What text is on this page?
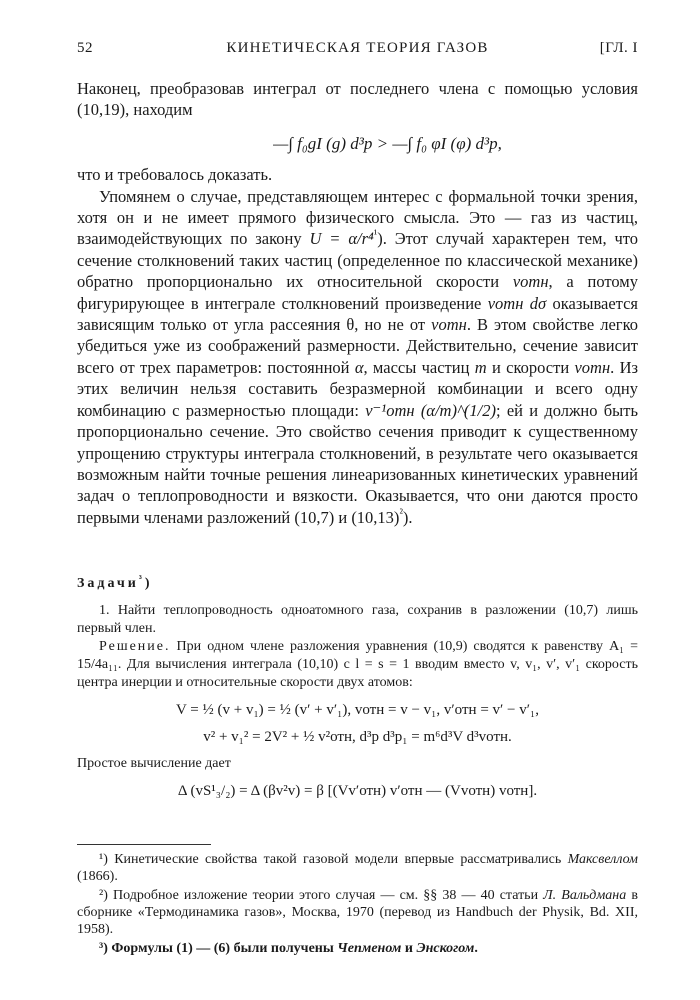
52	КИНЕТИЧЕСКАЯ ТЕОРИЯ ГАЗОВ	[ГЛ. I

Наконец, преобразовав интеграл от последнего члена с помощью условия (10,19), находим

—∫ f₀gI (g) d³p > —∫ f₀ φI (φ) d³p,

что и требовалось доказать.

Упомянем о случае, представляющем интерес с формальной точки зрения, хотя он и не имеет прямого физического смысла. Это — газ из частиц, взаимодействующих по закону U = α/r⁴$^{^1}$). Этот случай характерен тем, что сечение столкновений таких частиц (определенное по классической механике) обратно пропорционально их относительной скорости vотн, а потому фигурирующее в интеграле столкновений произведение vотн dσ оказывается зависящим только от угла рассеяния θ, но не от vотн. В этом свойстве легко убедиться уже из соображений размерности. Действительно, сечение зависит всего от трех параметров: постоянной α, массы частиц m и скорости vотн. Из этих величин нельзя составить безразмерной комбинации и всего одну комбинацию с размерностью площади: v⁻¹отн (α/m)^(1/2); ей и должно быть пропорционально сечение. Это свойство сечения приводит к существенному упрощению структуры интеграла столкновений, в результате чего оказывается возможным найти точные решения линеаризованных кинетических уравнений задач о теплопроводности и вязкости. Оказывается, что они даются просто первыми членами разложений (10,7) и $(10,13)^{^2}$).

Задачи$^{^3}$)

1. Найти теплопроводность одноатомного газа, сохранив в разложении (10,7) лишь первый член.

Решение. При одном члене разложения уравнения (10,9) сводятся к равенству A₁ = 15/4a₁₁. Для вычисления интеграла (10,10) с l = s = 1 вводим вместо v, v₁, v′, v′₁ скорость центра инерции и относительные скорости двух атомов:

V = ½ (v + v₁) = ½ (v′ + v′₁), vотн = v − v₁, v′отн = v′ − v′₁,
v² + v₁² = 2V² + ½ v²отн, d³p d³p₁ = m⁶d³V d³vотн.

Простое вычисление дает

Δ (vS¹₃/₂) = Δ (βv²v) = β [(Vv′отн) v′отн — (Vvотн) vотн].

¹) Кинетические свойства такой газовой модели впервые рассматривались Максвеллом (1866).

²) Подробное изложение теории этого случая — см. §§ 38 — 40 статьи Л. Вальдмана в сборнике «Термодинамика газов», Москва, 1970 (перевод из Handbuch der Physik, Bd. XII, 1958).

³) Формулы (1) — (6) были получены Чепменом и Энскогом.
